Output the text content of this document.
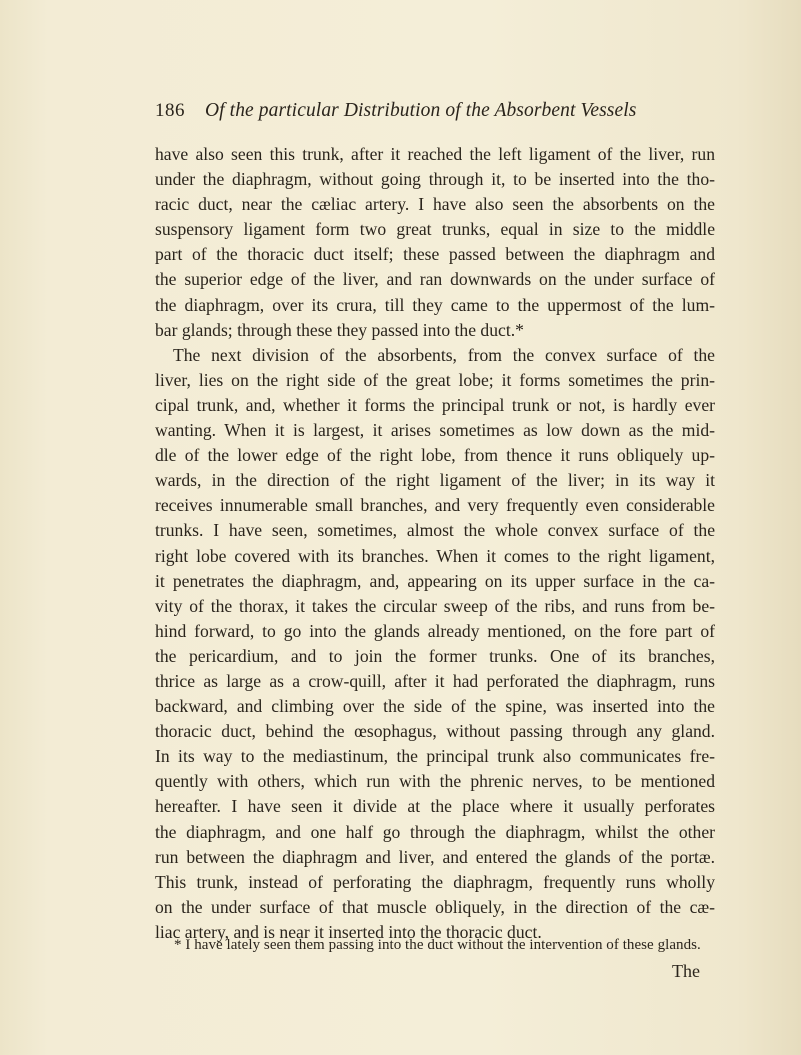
186 Of the particular Distribution of the Absorbent Vessels
have also seen this trunk, after it reached the left ligament of the liver, run
under the diaphragm, without going through it, to be inserted into the tho-
racic duct, near the cæliac artery. I have also seen the absorbents on the
suspensory ligament form two great trunks, equal in size to the middle
part of the thoracic duct itself; these passed between the diaphragm and
the superior edge of the liver, and ran downwards on the under surface of
the diaphragm, over its crura, till they came to the uppermost of the lum-
bar glands; through these they passed into the duct.*
The next division of the absorbents, from the convex surface of the
liver, lies on the right side of the great lobe; it forms sometimes the prin-
cipal trunk, and, whether it forms the principal trunk or not, is hardly ever
wanting. When it is largest, it arises sometimes as low down as the mid-
dle of the lower edge of the right lobe, from thence it runs obliquely up-
wards, in the direction of the right ligament of the liver; in its way it
receives innumerable small branches, and very frequently even considerable
trunks. I have seen, sometimes, almost the whole convex surface of the
right lobe covered with its branches. When it comes to the right ligament,
it penetrates the diaphragm, and, appearing on its upper surface in the ca-
vity of the thorax, it takes the circular sweep of the ribs, and runs from be-
hind forward, to go into the glands already mentioned, on the fore part of
the pericardium, and to join the former trunks. One of its branches,
thrice as large as a crow-quill, after it had perforated the diaphragm, runs
backward, and climbing over the side of the spine, was inserted into the
thoracic duct, behind the œsophagus, without passing through any gland.
In its way to the mediastinum, the principal trunk also communicates fre-
quently with others, which run with the phrenic nerves, to be mentioned
hereafter. I have seen it divide at the place where it usually perforates
the diaphragm, and one half go through the diaphragm, whilst the other
run between the diaphragm and liver, and entered the glands of the portæ.
This trunk, instead of perforating the diaphragm, frequently runs wholly
on the under surface of that muscle obliquely, in the direction of the cæ-
liac artery, and is near it inserted into the thoracic duct.
* I have lately seen them passing into the duct without the intervention of these glands.
The
